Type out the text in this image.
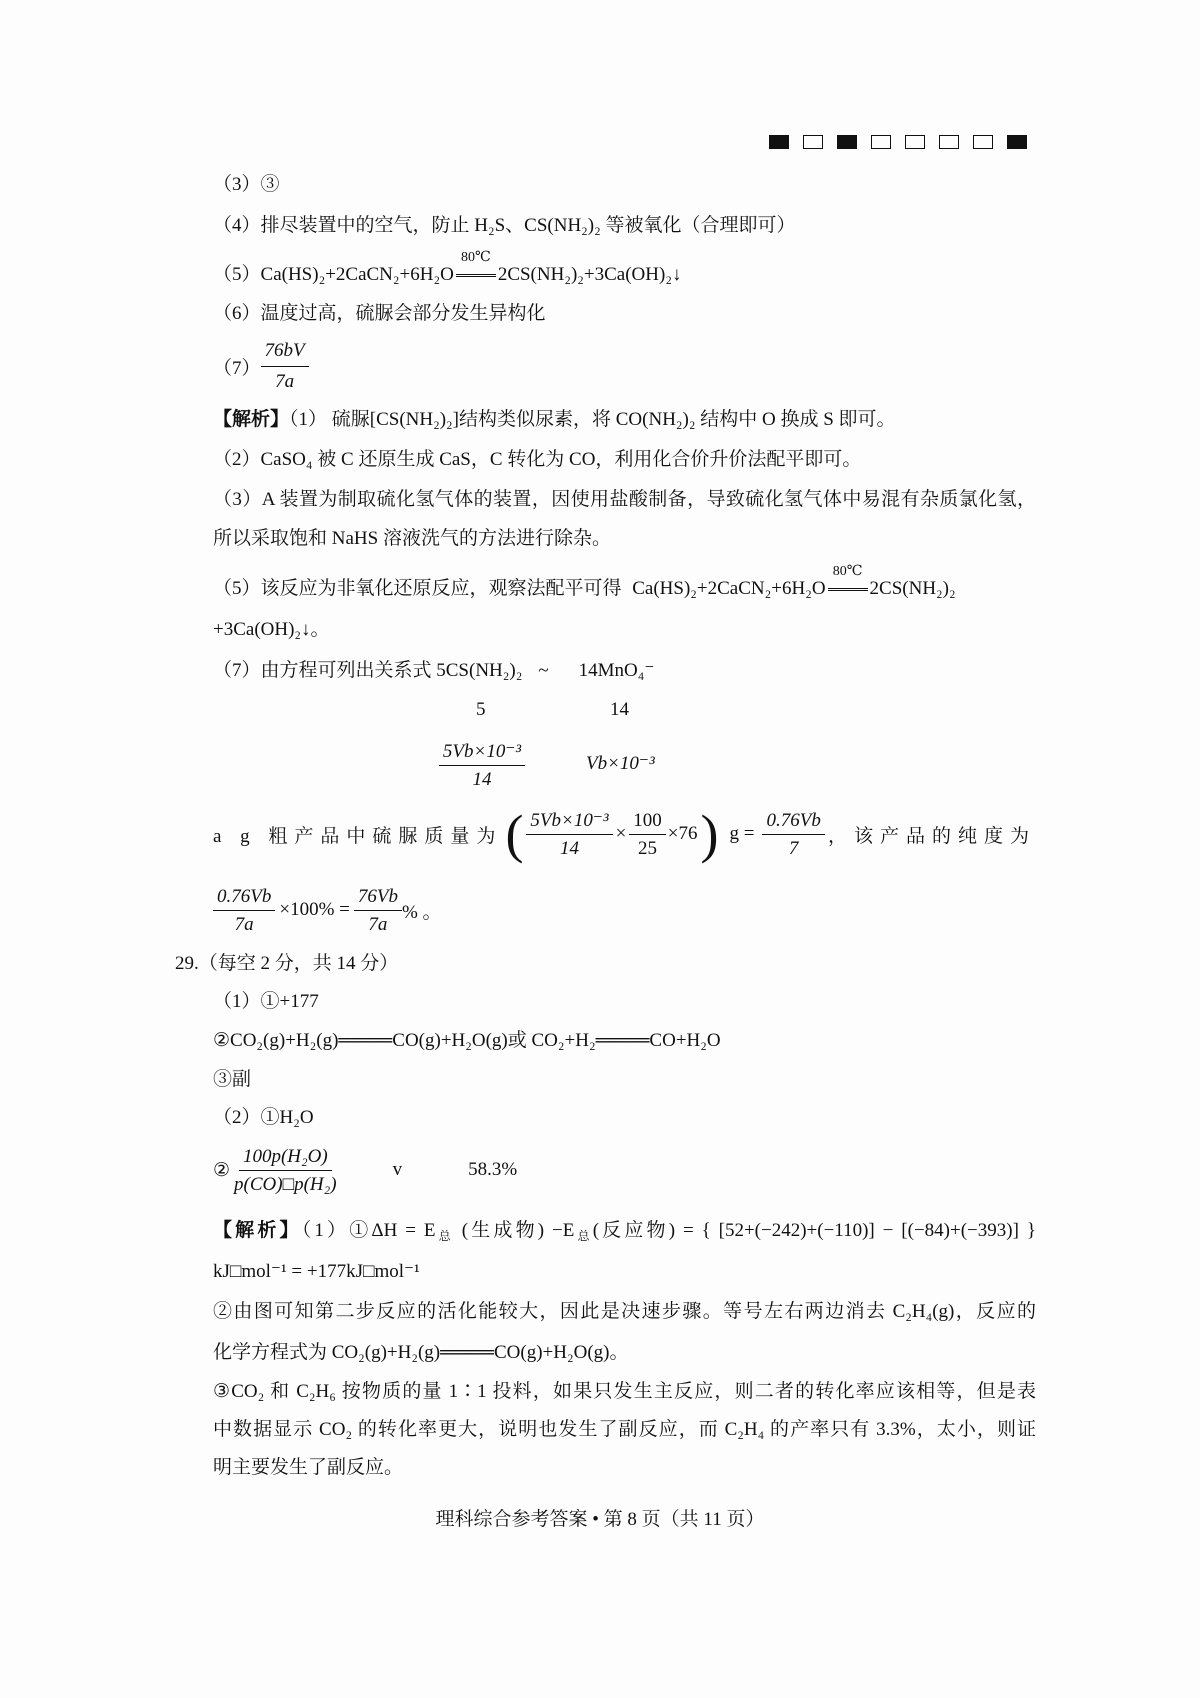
（3）③
（4）排尽装置中的空气，防止 H₂S、CS(NH₂)₂ 等被氧化（合理即可）
（5）Ca(HS)₂+2CaCN₂+6H₂O
80℃
2CS(NH₂)₂+3Ca(OH)₂↓
（6）温度过高，硫脲会部分发生异构化
$(7) \frac{76bV}{7a}$
【解析】（1） 硫脲[CS(NH₂)₂]结构类似尿素，将 CO(NH₂)₂ 结构中 O 换成 S 即可。
（2）CaSO₄ 被 C 还原生成 CaS，C 转化为 CO，利用化合价升价法配平即可。
（3）A 装置为制取硫化氢气体的装置，因使用盐酸制备，导致硫化氢气体中易混有杂质氯化氢，
所以采取饱和 NaHS 溶液洗气的方法进行除杂。
（5）该反应为非氧化还原反应，观察法配平可得 Ca(HS)₂+2CaCN₂+6H₂O
80℃
2CS(NH₂)₂
+3Ca(OH)₂↓。
（7）由方程可列出关系式 5CS(NH₂)₂ ~ 14MnO₄⁻
5	14
$\frac{\text{5Vb×10⁻³}}{14}$	Vb×10⁻³
a g 粗产品中硫脲质量为 ( $\frac{\text{5Vb×10⁻³}}{14} \times \frac{100}{25} \times 76$ ) $g = \frac{0.76Vb}{7}$ ，该产品的纯度为
$\frac{0.76Vb}{7a} \times 100\% = \frac{76Vb}{7a}$ % 。
29.（每空 2 分，共 14 分）
（1）①+177
②CO₂(g)+H₂(g)════CO(g)+H₂O(g)或 CO₂+H₂════CO+H₂O
③副
（2）①H₂O
② $\frac{\text{100p(H₂O)}}{\text{p(CO)□p(H₂)}}$	v	58.3%
【解析】（1）①ΔH = $E_总$ (生成物) $-E_总$(反应物) = { [52+(−242)+(−110)] − [(−84)+(−393)] }
kJ□mol⁻¹ = +177kJ□mol⁻¹
②由图可知第二步反应的活化能较大，因此是决速步骤。等号左右两边消去 C₂H₄(g)，反应的
化学方程式为 CO₂(g)+H₂(g)════CO(g)+H₂O(g)。
③CO₂ 和 C₂H₆ 按物质的量 1∶1 投料，如果只发生主反应，则二者的转化率应该相等，但是表
中数据显示 CO₂ 的转化率更大，说明也发生了副反应，而 C₂H₄ 的产率只有 3.3%，太小，则证
明主要发生了副反应。
理科综合参考答案 • 第 8 页（共 11 页）
